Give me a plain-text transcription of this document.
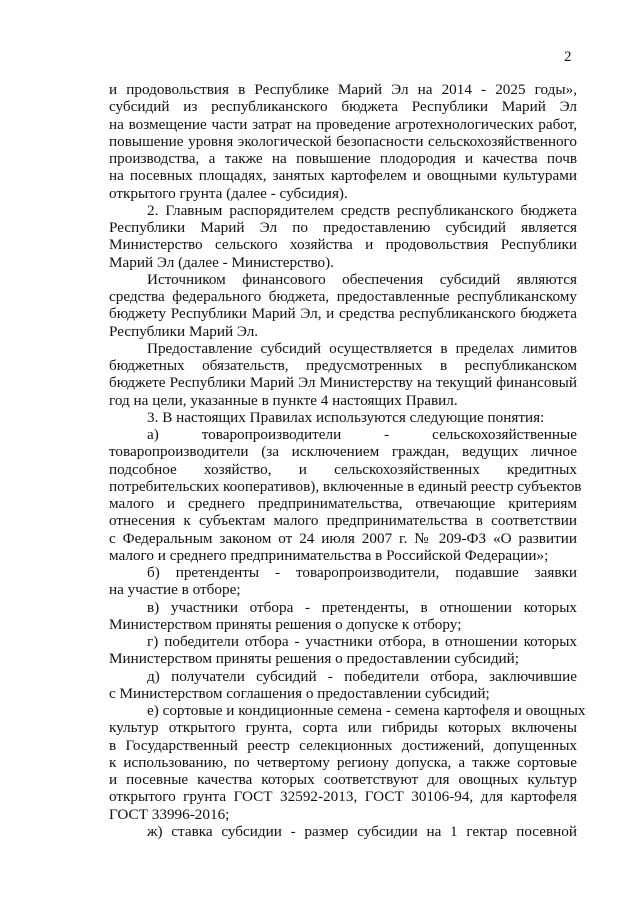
2
и продовольствия в Республике Марий Эл на 2014 - 2025 годы»,
субсидий из республиканского бюджета Республики Марий Эл
на возмещение части затрат на проведение агротехнологических работ,
повышение уровня экологической безопасности сельскохозяйственного
производства, а также на повышение плодородия и качества почв
на посевных площадях, занятых картофелем и овощными культурами
открытого грунта (далее - субсидия).
2. Главным распорядителем средств республиканского бюджета
Республики Марий Эл по предоставлению субсидий является
Министерство сельского хозяйства и продовольствия Республики
Марий Эл (далее - Министерство).
Источником финансового обеспечения субсидий являются
средства федерального бюджета, предоставленные республиканскому
бюджету Республики Марий Эл, и средства республиканского бюджета
Республики Марий Эл.
Предоставление субсидий осуществляется в пределах лимитов
бюджетных обязательств, предусмотренных в республиканском
бюджете Республики Марий Эл Министерству на текущий финансовый
год на цели, указанные в пункте 4 настоящих Правил.
3. В настоящих Правилах используются следующие понятия:
а) товаропроизводители - сельскохозяйственные
товаропроизводители (за исключением граждан, ведущих личное
подсобное хозяйство, и сельскохозяйственных кредитных
потребительских кооперативов), включенные в единый реестр субъектов
малого и среднего предпринимательства, отвечающие критериям
отнесения к субъектам малого предпринимательства в соответствии
с Федеральным законом от 24 июля 2007 г. № 209-ФЗ «О развитии
малого и среднего предпринимательства в Российской Федерации»;
б) претенденты - товаропроизводители, подавшие заявки
на участие в отборе;
в) участники отбора - претенденты, в отношении которых
Министерством приняты решения о допуске к отбору;
г) победители отбора - участники отбора, в отношении которых
Министерством приняты решения о предоставлении субсидий;
д) получатели субсидий - победители отбора, заключившие
с Министерством соглашения о предоставлении субсидий;
е) сортовые и кондиционные семена - семена картофеля и овощных
культур открытого грунта, сорта или гибриды которых включены
в Государственный реестр селекционных достижений, допущенных
к использованию, по четвертому региону допуска, а также сортовые
и посевные качества которых соответствуют для овощных культур
открытого грунта ГОСТ 32592-2013, ГОСТ 30106-94, для картофеля
ГОСТ 33996-2016;
ж) ставка субсидии - размер субсидии на 1 гектар посевной
